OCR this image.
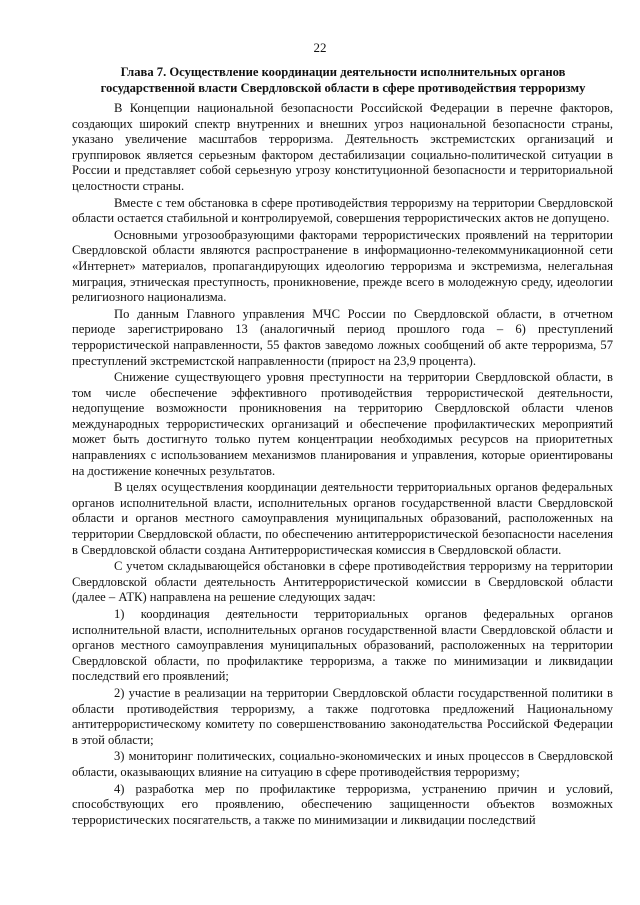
22
Глава 7. Осуществление координации деятельности исполнительных органов государственной власти Свердловской области в сфере противодействия терроризму

В Концепции национальной безопасности Российской Федерации в перечне факторов, создающих широкий спектр внутренних и внешних угроз национальной безопасности страны, указано увеличение масштабов терроризма. Деятельность экстремистских организаций и группировок является серьезным фактором дестабилизации социально-политической ситуации в России и представляет собой серьезную угрозу конституционной безопасности и территориальной целостности страны.

Вместе с тем обстановка в сфере противодействия терроризму на территории Свердловской области остается стабильной и контролируемой, совершения террористических актов не допущено.

Основными угрозообразующими факторами террористических проявлений на территории Свердловской области являются распространение в информационно-телекоммуникационной сети «Интернет» материалов, пропагандирующих идеологию терроризма и экстремизма, нелегальная миграция, этническая преступность, проникновение, прежде всего в молодежную среду, идеологии религиозного национализма.

По данным Главного управления МЧС России по Свердловской области, в отчетном периоде зарегистрировано 13 (аналогичный период прошлого года – 6) преступлений террористической направленности, 55 фактов заведомо ложных сообщений об акте терроризма, 57 преступлений экстремистской направленности (прирост на 23,9 процента).

Снижение существующего уровня преступности на территории Свердловской области, в том числе обеспечение эффективного противодействия террористической деятельности, недопущение возможности проникновения на территорию Свердловской области членов международных террористических организаций и обеспечение профилактических мероприятий может быть достигнуто только путем концентрации необходимых ресурсов на приоритетных направлениях с использованием механизмов планирования и управления, которые ориентированы на достижение конечных результатов.

В целях осуществления координации деятельности территориальных органов федеральных органов исполнительной власти, исполнительных органов государственной власти Свердловской области и органов местного самоуправления муниципальных образований, расположенных на территории Свердловской области, по обеспечению антитеррористической безопасности населения в Свердловской области создана Антитеррористическая комиссия в Свердловской области.

С учетом складывающейся обстановки в сфере противодействия терроризму на территории Свердловской области деятельность Антитеррористической комиссии в Свердловской области (далее – АТК) направлена на решение следующих задач:

1) координация деятельности территориальных органов федеральных органов исполнительной власти, исполнительных органов государственной власти Свердловской области и органов местного самоуправления муниципальных образований, расположенных на территории Свердловской области, по профилактике терроризма, а также по минимизации и ликвидации последствий его проявлений;

2) участие в реализации на территории Свердловской области государственной политики в области противодействия терроризму, а также подготовка предложений Национальному антитеррористическому комитету по совершенствованию законодательства Российской Федерации в этой области;

3) мониторинг политических, социально-экономических и иных процессов в Свердловской области, оказывающих влияние на ситуацию в сфере противодействия терроризму;

4) разработка мер по профилактике терроризма, устранению причин и условий, способствующих его проявлению, обеспечению защищенности объектов возможных террористических посягательств, а также по минимизации и ликвидации последствий
